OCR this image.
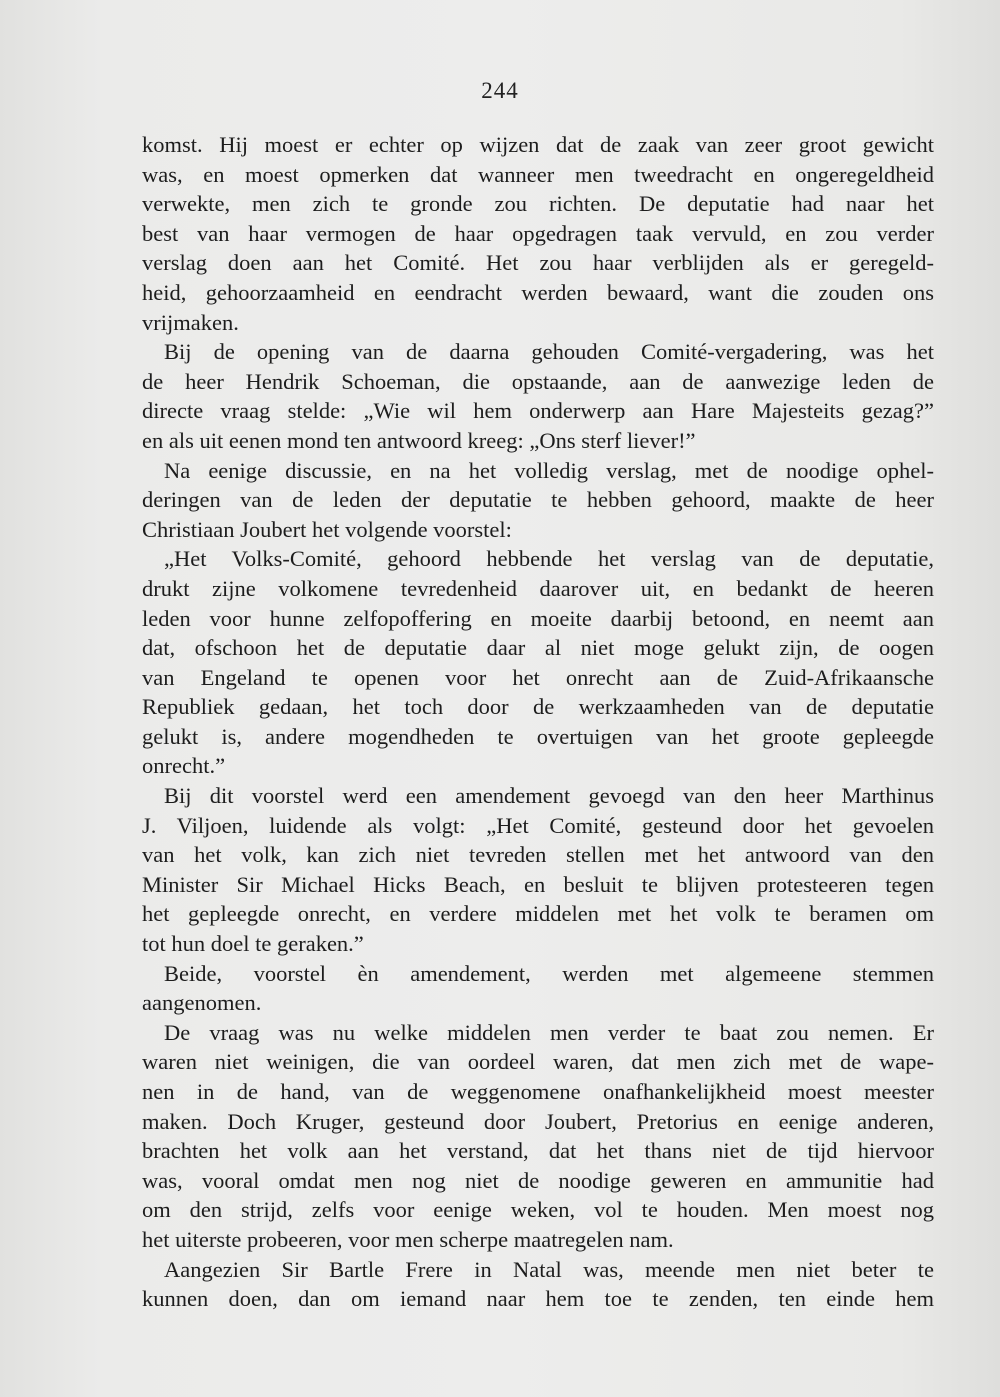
244
komst. Hij moest er echter op wijzen dat de zaak van zeer groot gewicht
was, en moest opmerken dat wanneer men tweedracht en ongeregeldheid
verwekte, men zich te gronde zou richten. De deputatie had naar het
best van haar vermogen de haar opgedragen taak vervuld, en zou verder
verslag doen aan het Comité. Het zou haar verblijden als er geregeld-
heid, gehoorzaamheid en eendracht werden bewaard, want die zouden ons
vrijmaken.
Bij de opening van de daarna gehouden Comité-vergadering, was het
de heer Hendrik Schoeman, die opstaande, aan de aanwezige leden de
directe vraag stelde: „Wie wil hem onderwerp aan Hare Majesteits gezag?”
en als uit eenen mond ten antwoord kreeg: „Ons sterf liever!”
Na eenige discussie, en na het volledig verslag, met de noodige ophel-
deringen van de leden der deputatie te hebben gehoord, maakte de heer
Christiaan Joubert het volgende voorstel:
„Het Volks-Comité, gehoord hebbende het verslag van de deputatie,
drukt zijne volkomene tevredenheid daarover uit, en bedankt de heeren
leden voor hunne zelfopoffering en moeite daarbij betoond, en neemt aan
dat, ofschoon het de deputatie daar al niet moge gelukt zijn, de oogen
van Engeland te openen voor het onrecht aan de Zuid-Afrikaansche
Republiek gedaan, het toch door de werkzaamheden van de deputatie
gelukt is, andere mogendheden te overtuigen van het groote gepleegde
onrecht.”
Bij dit voorstel werd een amendement gevoegd van den heer Marthinus
J. Viljoen, luidende als volgt: „Het Comité, gesteund door het gevoelen
van het volk, kan zich niet tevreden stellen met het antwoord van den
Minister Sir Michael Hicks Beach, en besluit te blijven protesteeren tegen
het gepleegde onrecht, en verdere middelen met het volk te beramen om
tot hun doel te geraken.”
Beide, voorstel èn amendement, werden met algemeene stemmen
aangenomen.
De vraag was nu welke middelen men verder te baat zou nemen. Er
waren niet weinigen, die van oordeel waren, dat men zich met de wape-
nen in de hand, van de weggenomene onafhankelijkheid moest meester
maken. Doch Kruger, gesteund door Joubert, Pretorius en eenige anderen,
brachten het volk aan het verstand, dat het thans niet de tijd hiervoor
was, vooral omdat men nog niet de noodige geweren en ammunitie had
om den strijd, zelfs voor eenige weken, vol te houden. Men moest nog
het uiterste probeeren, voor men scherpe maatregelen nam.
Aangezien Sir Bartle Frere in Natal was, meende men niet beter te
kunnen doen, dan om iemand naar hem toe te zenden, ten einde hem
